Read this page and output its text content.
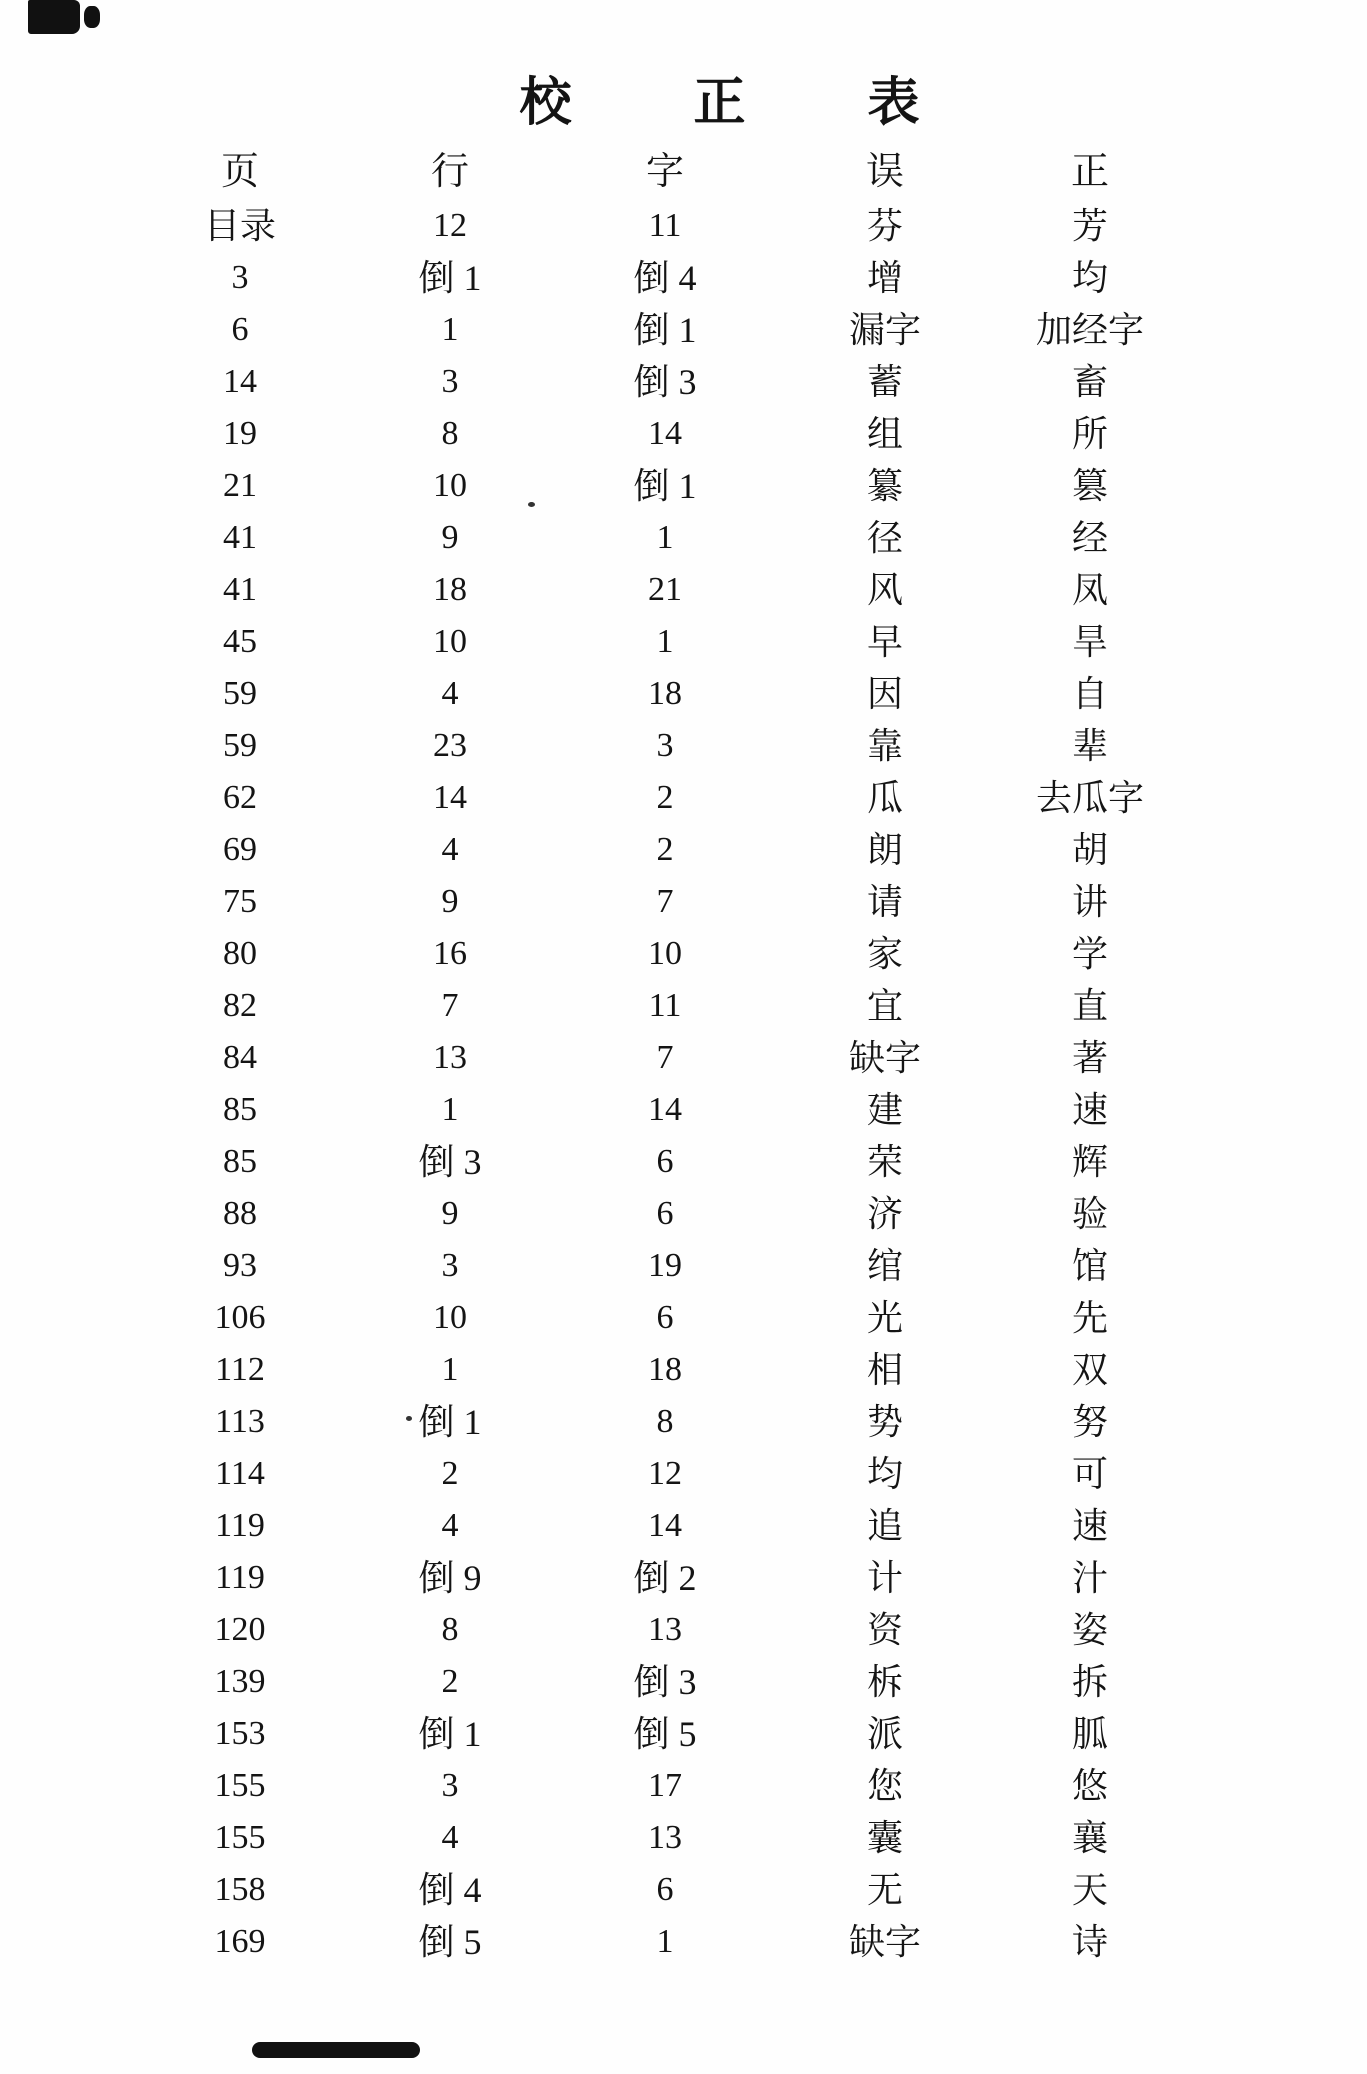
校 正 表
页	行	字	误	正
目录	12	11	芬	芳
3	倒 1	倒 4	增	均
6	1	倒 1	漏字	加经字
14	3	倒 3	蓄	畜
19	8	14	组	所
21	10	倒 1	纂	篡
41	9	1	径	经
41	18	21	风	凤
45	10	1	早	旱
59	4	18	因	自
59	23	3	靠	辈
62	14	2	瓜	去瓜字
69	4	2	朗	胡
75	9	7	请	讲
80	16	10	家	学
82	7	11	宜	直
84	13	7	缺字	著
85	1	14	建	速
85	倒 3	6	荣	辉
88	9	6	济	验
93	3	19	绾	馆
106	10	6	光	先
112	1	18	相	双
113	倒 1	8	势	努
114	2	12	均	可
119	4	14	追	速
119	倒 9	倒 2	计	汁
120	8	13	资	姿
139	2	倒 3	柝	拆
153	倒 1	倒 5	派	胍
155	3	17	您	悠
155	4	13	囊	襄
158	倒 4	6	无	天
169	倒 5	1	缺字	诗
